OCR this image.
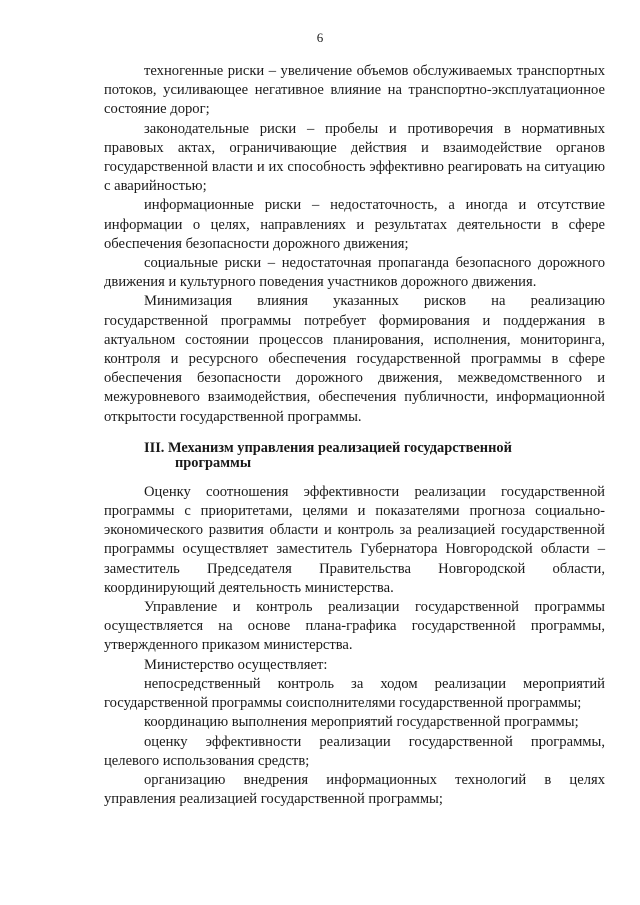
6

техногенные риски – увеличение объемов обслуживаемых транспортных потоков, усиливающее негативное влияние на транспортно-эксплуатационное состояние дорог;

законодательные риски – пробелы и противоречия в нормативных правовых актах, ограничивающие действия и взаимодействие органов государственной власти и их способность эффективно реагировать на ситуацию с аварийностью;

информационные риски – недостаточность, а иногда и отсутствие информации о целях, направлениях и результатах деятельности в сфере обеспечения безопасности дорожного движения;

социальные риски – недостаточная пропаганда безопасного дорожного движения и культурного поведения участников дорожного движения.

Минимизация влияния указанных рисков на реализацию государственной программы потребует формирования и поддержания в актуальном состоянии процессов планирования, исполнения, мониторинга, контроля и ресурсного обеспечения государственной программы в сфере обеспечения безопасности дорожного движения, межведомственного и межуровневого взаимодействия, обеспечения публичности, информационной открытости государственной программы.

III. Механизм управления реализацией государственной
программы

Оценку соотношения эффективности реализации государственной программы с приоритетами, целями и показателями прогноза социально-экономического развития области и контроль за реализацией государственной программы осуществляет заместитель Губернатора Новгородской области – заместитель Председателя Правительства Новгородской области, координирующий деятельность министерства.

Управление и контроль реализации государственной программы осуществляется на основе плана-графика государственной программы, утвержденного приказом министерства.

Министерство осуществляет:

непосредственный контроль за ходом реализации мероприятий государственной программы соисполнителями государственной программы;

координацию выполнения мероприятий государственной программы;

оценку эффективности реализации государственной программы, целевого использования средств;

организацию внедрения информационных технологий в целях управления реализацией государственной программы;
